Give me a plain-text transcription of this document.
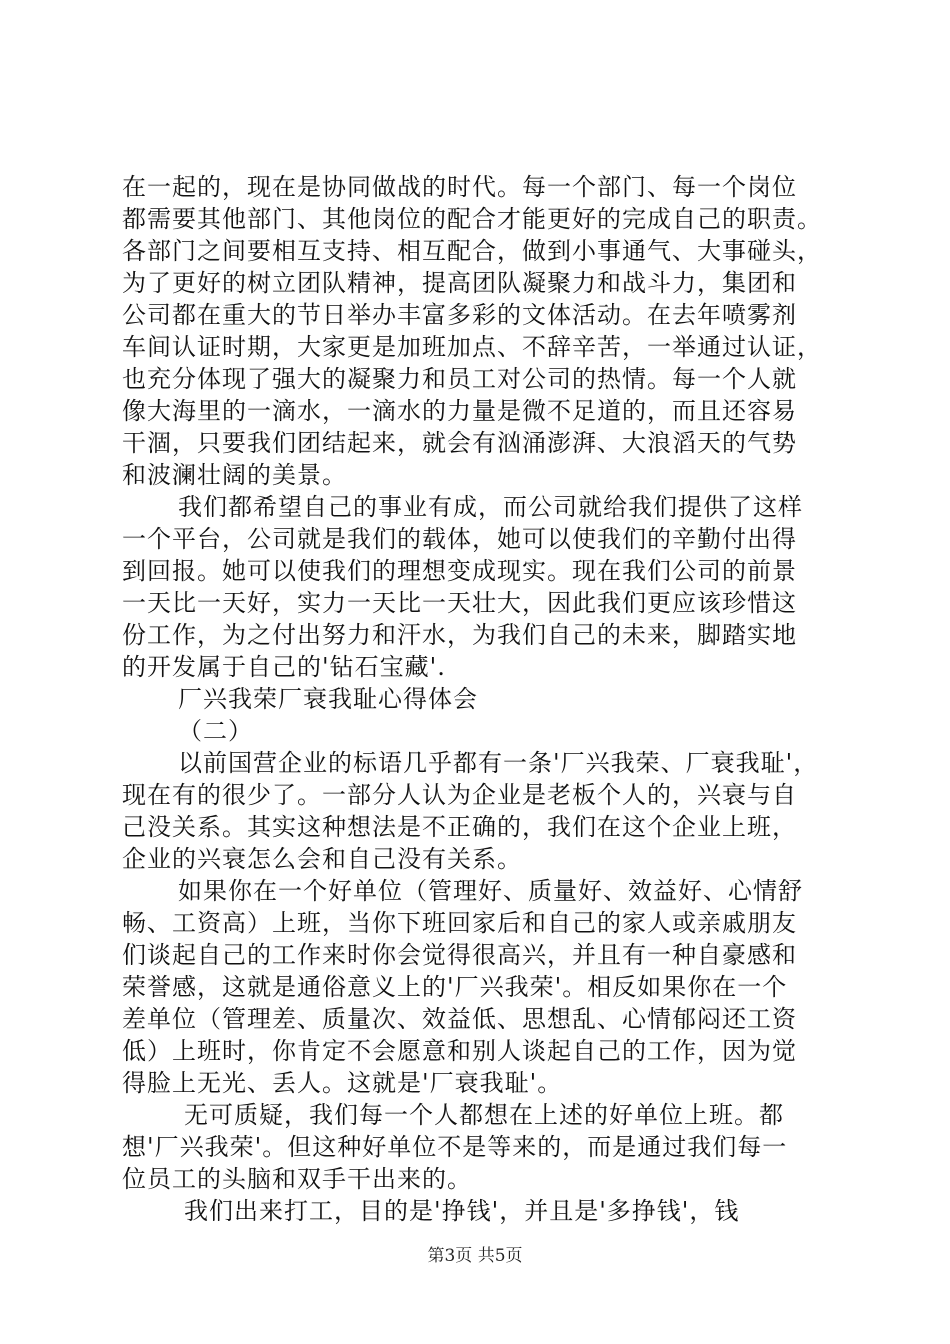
在一起的，现在是协同做战的时代。每一个部门、每一个岗位
都需要其他部门、其他岗位的配合才能更好的完成自己的职责。
各部门之间要相互支持、相互配合，做到小事通气、大事碰头，
为了更好的树立团队精神，提高团队凝聚力和战斗力，集团和
公司都在重大的节日举办丰富多彩的文体活动。在去年喷雾剂
车间认证时期，大家更是加班加点、不辞辛苦，一举通过认证，
也充分体现了强大的凝聚力和员工对公司的热情。每一个人就
像大海里的一滴水，一滴水的力量是微不足道的，而且还容易
干涸，只要我们团结起来，就会有汹涌澎湃、大浪滔天的气势
和波澜壮阔的美景。
我们都希望自己的事业有成，而公司就给我们提供了这样
一个平台，公司就是我们的载体，她可以使我们的辛勤付出得
到回报。她可以使我们的理想变成现实。现在我们公司的前景
一天比一天好，实力一天比一天壮大，因此我们更应该珍惜这
份工作，为之付出努力和汗水，为我们自己的未来，脚踏实地
的开发属于自己的'钻石宝藏'.
厂兴我荣厂衰我耻心得体会
（二）
以前国营企业的标语几乎都有一条'厂兴我荣、厂衰我耻'，
现在有的很少了。一部分人认为企业是老板个人的，兴衰与自
己没关系。其实这种想法是不正确的，我们在这个企业上班，
企业的兴衰怎么会和自己没有关系。
如果你在一个好单位（管理好、质量好、效益好、心情舒
畅、工资高）上班，当你下班回家后和自己的家人或亲戚朋友
们谈起自己的工作来时你会觉得很高兴，并且有一种自豪感和
荣誉感，这就是通俗意义上的'厂兴我荣'。相反如果你在一个
差单位（管理差、质量次、效益低、思想乱、心情郁闷还工资
低）上班时，你肯定不会愿意和别人谈起自己的工作，因为觉
得脸上无光、丢人。这就是'厂衰我耻'。
无可质疑，我们每一个人都想在上述的好单位上班。都
想'厂兴我荣'。但这种好单位不是等来的，而是通过我们每一
位员工的头脑和双手干出来的。
我们出来打工，目的是'挣钱'，并且是'多挣钱'，钱
第3页 共5页
